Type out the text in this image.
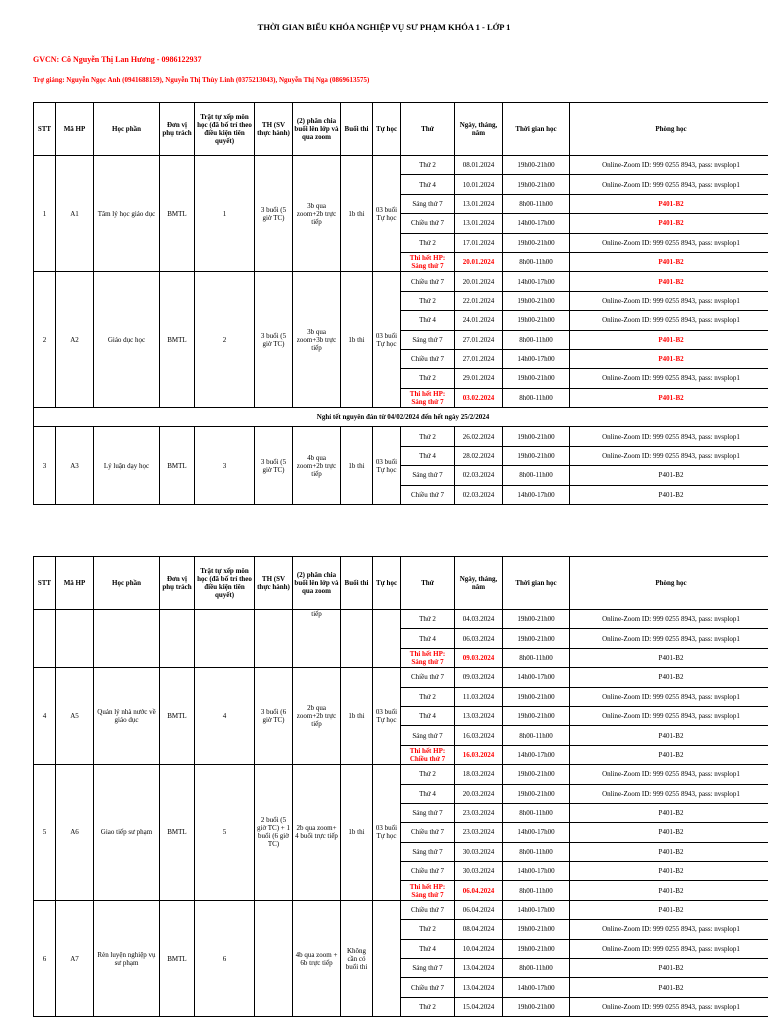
THỜI GIAN BIỂU KHÓA NGHIỆP VỤ SƯ PHẠM KHÓA 1 - LỚP 1
GVCN: Cô Nguyễn Thị Lan Hương - 0986122937
Trợ giảng: Nguyễn Ngọc Anh (0941688159), Nguyễn Thị Thùy Linh (0375213043), Nguyễn Thị Nga (0869613575)
STT	Mã HP	Học phần	Đơn vị phụ trách	Trật tự xếp môn học (đã bố trí theo điều kiện tiên quyết)	TH (SV thực hành)	(2) phân chia buổi lên lớp và qua zoom	Buổi thi	Tự học	Thứ	Ngày, tháng, năm	Thời gian học	Phòng học
1	A1	Tâm lý học giáo dục	BMTL	1	3 buổi (5 giờ TC)	3b qua zoom+2b trực tiếp	1b thi	03 buổi Tự học	Thứ 2	08.01.2024	19h00-21h00	Online-Zoom ID: 999 0255 8943, pass: nvsplop1
									Thứ 4	10.01.2024	19h00-21h00	Online-Zoom ID: 999 0255 8943, pass: nvsplop1
									Sáng thứ 7	13.01.2024	8h00-11h00	P401-B2
									Chiều thứ 7	13.01.2024	14h00-17h00	P401-B2
									Thứ 2	17.01.2024	19h00-21h00	Online-Zoom ID: 999 0255 8943, pass: nvsplop1
									Thi hết HP: Sáng thứ 7	20.01.2024	8h00-11h00	P401-B2
2	A2	Giáo dục học	BMTL	2	3 buổi (5 giờ TC)	3b qua zoom+3b trực tiếp	1b thi	03 buổi Tự học	Chiều thứ 7	20.01.2024	14h00-17h00	P401-B2
									Thứ 2	22.01.2024	19h00-21h00	Online-Zoom ID: 999 0255 8943, pass: nvsplop1
									Thứ 4	24.01.2024	19h00-21h00	Online-Zoom ID: 999 0255 8943, pass: nvsplop1
									Sáng thứ 7	27.01.2024	8h00-11h00	P401-B2
									Chiều thứ 7	27.01.2024	14h00-17h00	P401-B2
									Thứ 2	29.01.2024	19h00-21h00	Online-Zoom ID: 999 0255 8943, pass: nvsplop1
									Thi hết HP: Sáng thứ 7	03.02.2024	8h00-11h00	P401-B2
Nghỉ tết nguyên đán từ 04/02/2024 đến hết ngày 25/2/2024												
3	A3	Lý luận dạy học	BMTL	3	3 buổi (5 giờ TC)	4b qua zoom+2b trực tiếp	1b thi	03 buổi Tự học	Thứ 2	26.02.2024	19h00-21h00	Online-Zoom ID: 999 0255 8943, pass: nvsplop1
									Thứ 4	28.02.2024	19h00-21h00	Online-Zoom ID: 999 0255 8943, pass: nvsplop1
									Sáng thứ 7	02.03.2024	8h00-11h00	P401-B2
									Chiều thứ 7	02.03.2024	14h00-17h00	P401-B2
STT	Mã HP	Học phần	Đơn vị phụ trách	Trật tự xếp môn học (đã bố trí theo điều kiện tiên quyết)	TH (SV thực hành)	(2) phân chia buổi lên lớp và qua zoom	Buổi thi	Tự học	Thứ	Ngày, tháng, năm	Thời gian học	Phòng học
						tiếp			Thứ 2	04.03.2024	19h00-21h00	Online-Zoom ID: 999 0255 8943, pass: nvsplop1
									Thứ 4	06.03.2024	19h00-21h00	Online-Zoom ID: 999 0255 8943, pass: nvsplop1
									Thi hết HP: Sáng thứ 7	09.03.2024	8h00-11h00	P401-B2
4	A5	Quản lý nhà nước về giáo dục	BMTL	4	3 buổi (6 giờ TC)	2b qua zoom+2b trực tiếp	1b thi	03 buổi Tự học	Chiều thứ 7	09.03.2024	14h00-17h00	P401-B2
									Thứ 2	11.03.2024	19h00-21h00	Online-Zoom ID: 999 0255 8943, pass: nvsplop1
									Thứ 4	13.03.2024	19h00-21h00	Online-Zoom ID: 999 0255 8943, pass: nvsplop1
									Sáng thứ 7	16.03.2024	8h00-11h00	P401-B2
									Thi hết HP: Chiều thứ 7	16.03.2024	14h00-17h00	P401-B2
5	A6	Giao tiếp sư phạm	BMTL	5	2 buổi (5 giờ TC) + 1 buổi (6 giờ TC)	2b qua zoom+ 4 buổi trực tiếp	1b thi	03 buổi Tự học	Thứ 2	18.03.2024	19h00-21h00	Online-Zoom ID: 999 0255 8943, pass: nvsplop1
									Thứ 4	20.03.2024	19h00-21h00	Online-Zoom ID: 999 0255 8943, pass: nvsplop1
									Sáng thứ 7	23.03.2024	8h00-11h00	P401-B2
									Chiều thứ 7	23.03.2024	14h00-17h00	P401-B2
									Sáng thứ 7	30.03.2024	8h00-11h00	P401-B2
									Chiều thứ 7	30.03.2024	14h00-17h00	P401-B2
									Thi hết HP: Sáng thứ 7	06.04.2024	8h00-11h00	P401-B2
6	A7	Rèn luyện nghiệp vụ sư phạm	BMTL	6		4b qua zoom + 6b trực tiếp	Không cần có buổi thi		Chiều thứ 7	06.04.2024	14h00-17h00	P401-B2
									Thứ 2	08.04.2024	19h00-21h00	Online-Zoom ID: 999 0255 8943, pass: nvsplop1
									Thứ 4	10.04.2024	19h00-21h00	Online-Zoom ID: 999 0255 8943, pass: nvsplop1
									Sáng thứ 7	13.04.2024	8h00-11h00	P401-B2
									Chiều thứ 7	13.04.2024	14h00-17h00	P401-B2
									Thứ 2	15.04.2024	19h00-21h00	Online-Zoom ID: 999 0255 8943, pass: nvsplop1
